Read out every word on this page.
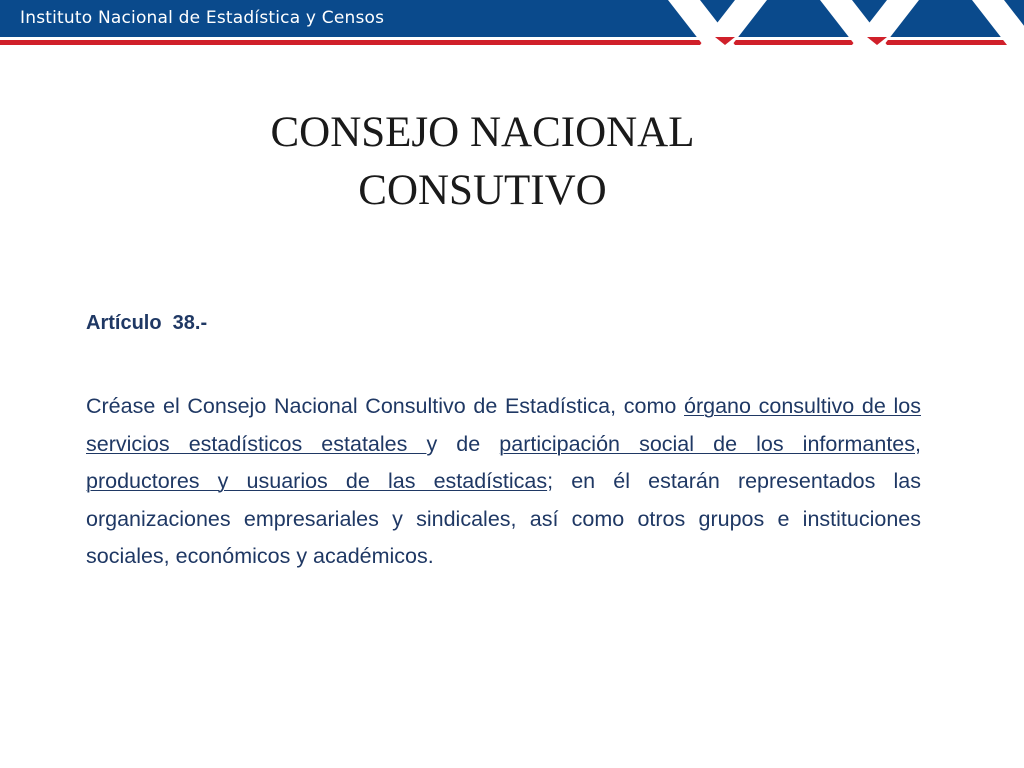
Instituto Nacional de Estadística y Censos
CONSEJO NACIONAL
CONSUTIVO
Artículo  38.-
Créase el Consejo Nacional Consultivo de Estadística, como órgano consultivo de los servicios estadísticos estatales y de participación social de los informantes, productores y usuarios de las estadísticas; en él estarán representados las organizaciones empresariales y sindicales, así como otros grupos e instituciones sociales, económicos y académicos.
